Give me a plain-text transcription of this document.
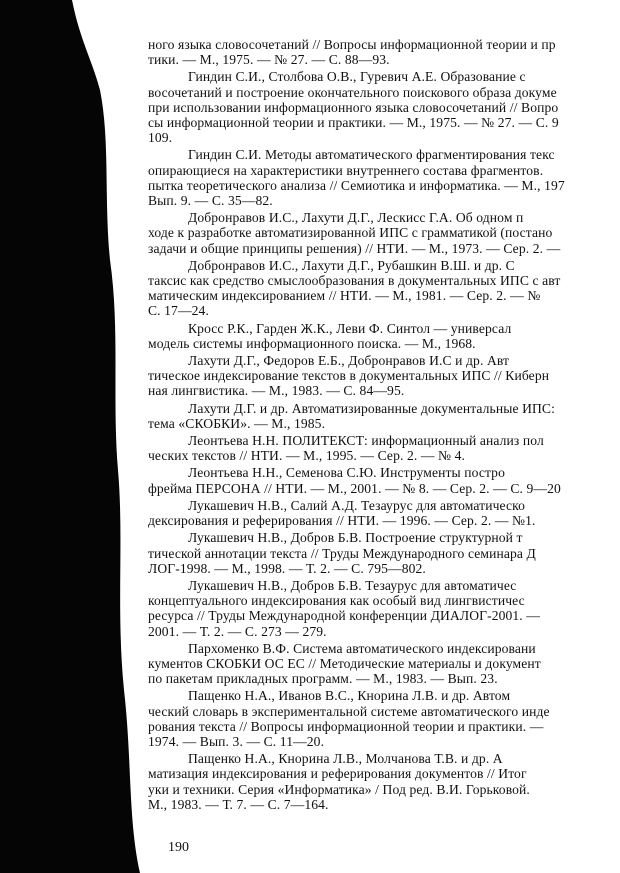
ного языка словосочетаний // Вопросы информационной теории и пр
тики. — М., 1975. — № 27. — С. 88—93.
Гиндин С.И., Столбова О.В., Гуревич А.Е. Образование с
восочетаний и построение окончательного поискового образа докуме
при использовании информационного языка словосочетаний // Вопро
сы информационной теории и практики. — М., 1975. — № 27. — С. 9
109.
Гиндин С.И. Методы автоматического фрагментирования текс
опирающиеся на характеристики внутреннего состава фрагментов.
пытка теоретического анализа // Семиотика и информатика. — М., 197
Вып. 9. — С. 35—82.
Добронравов И.С., Лахути Д.Г., Лескисс Г.А. Об одном п
ходе к разработке автоматизированной ИПС с грамматикой (постано
задачи и общие принципы решения) // НТИ. — М., 1973. — Сер. 2. —
Добронравов И.С., Лахути Д.Г., Рубашкин В.Ш. и др. С
таксис как средство смыслообразования в документальных ИПС с авт
матическим индексированием // НТИ. — М., 1981. — Сер. 2. — №
С. 17—24.
Кросс Р.К., Гарден Ж.К., Леви Ф. Синтол — универсал
модель системы информационного поиска. — М., 1968.
Лахути Д.Г., Федоров Е.Б., Добронравов И.С и др. Авт
тическое индексирование текстов в документальных ИПС // Киберн
ная лингвистика. — М., 1983. — С. 84—95.
Лахути Д.Г. и др. Автоматизированные документальные ИПС:
тема «СКОБКИ». — М., 1985.
Леонтьева Н.Н. ПОЛИТЕКСТ: информационный анализ пол
ческих текстов // НТИ. — М., 1995. — Сер. 2. — № 4.
Леонтьева Н.Н., Семенова С.Ю. Инструменты постро
фрейма ПЕРСОНА // НТИ. — М., 2001. — № 8. — Сер. 2. — С. 9—20
Лукашевич Н.В., Салий А.Д. Тезаурус для автоматическо
дексирования и реферирования // НТИ. — 1996. — Сер. 2. — №1.
Лукашевич Н.В., Добров Б.В. Построение структурной т
тической аннотации текста // Труды Международного семинара Д
ЛОГ-1998. — М., 1998. — Т. 2. — С. 795—802.
Лукашевич Н.В., Добров Б.В. Тезаурус для автоматичес
концептуального индексирования как особый вид лингвистичес
ресурса // Труды Международной конференции ДИАЛОГ-2001. —
2001. — Т. 2. — С. 273 — 279.
Пархоменко В.Ф. Система автоматического индексировани
кументов СКОБКИ ОС ЕС // Методические материалы и документ
по пакетам прикладных программ. — М., 1983. — Вып. 23.
Пащенко Н.А., Иванов В.С., Кнорина Л.В. и др. Автом
ческий словарь в экспериментальной системе автоматического инде
рования текста // Вопросы информационной теории и практики. —
1974. — Вып. 3. — С. 11—20.
Пащенко Н.А., Кнорина Л.В., Молчанова Т.В. и др. А
матизация индексирования и реферирования документов // Итог
уки и техники. Серия «Информатика» / Под ред. В.И. Горьковой.
М., 1983. — Т. 7. — С. 7—164.
190
